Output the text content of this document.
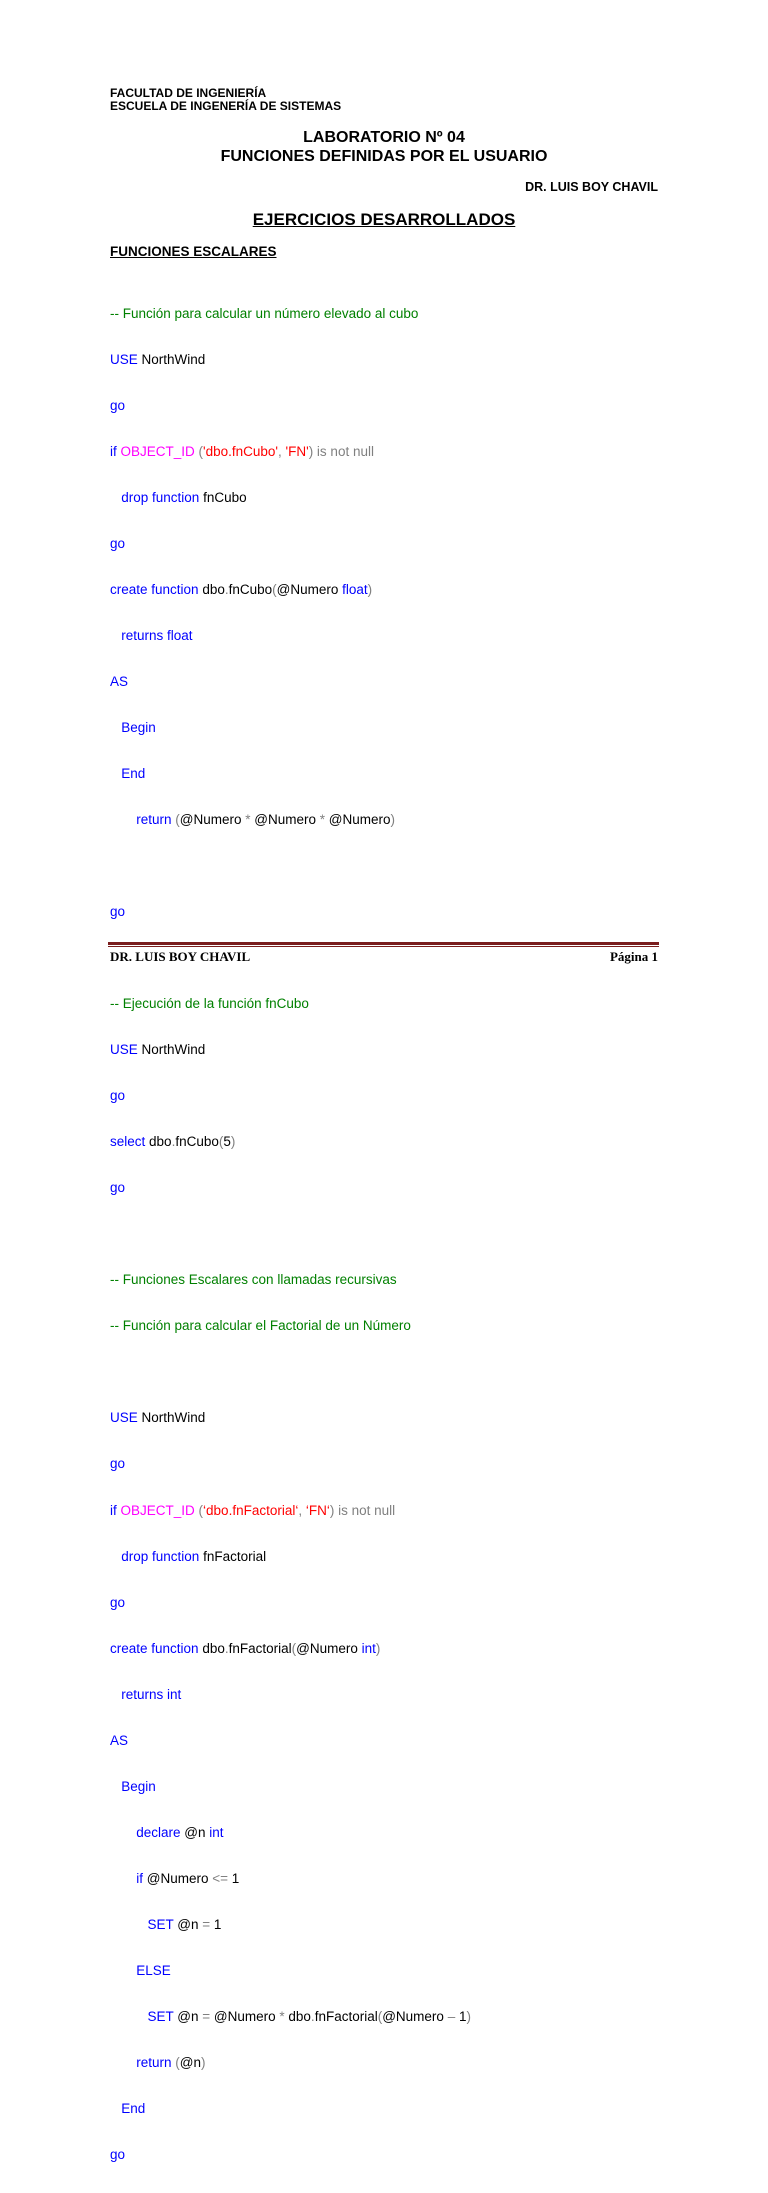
FACULTAD DE INGENIERÍA
ESCUELA DE INGENERÍA DE SISTEMAS
LABORATORIO Nº 04
FUNCIONES DEFINIDAS POR EL USUARIO
DR. LUIS BOY CHAVIL
EJERCICIOS DESARROLLADOS
FUNCIONES ESCALARES

-- Función para calcular un número elevado al cubo

USE NorthWind

go

if OBJECT_ID ('dbo.fnCubo', 'FN') is not null

drop function fnCubo

go

create function dbo.fnCubo(@Numero float)

returns float

AS

Begin

End

return (@Numero * @Numero * @Numero)

go

-- Ejecución de la función fnCubo

USE NorthWind

go

select dbo.fnCubo(5)

go

-- Funciones Escalares con llamadas recursivas

-- Función para calcular el Factorial de un Número

USE NorthWind

go

if OBJECT_ID (‘dbo.fnFactorial‘, ‘FN‘) is not null

drop function fnFactorial

go

create function dbo.fnFactorial(@Numero int)

returns int

AS

Begin

declare @n int

if @Numero <= 1

SET @n = 1

ELSE

SET @n = @Numero * dbo.fnFactorial(@Numero – 1)

return (@n)

End

go

DR. LUIS BOY CHAVIL	Página 1
